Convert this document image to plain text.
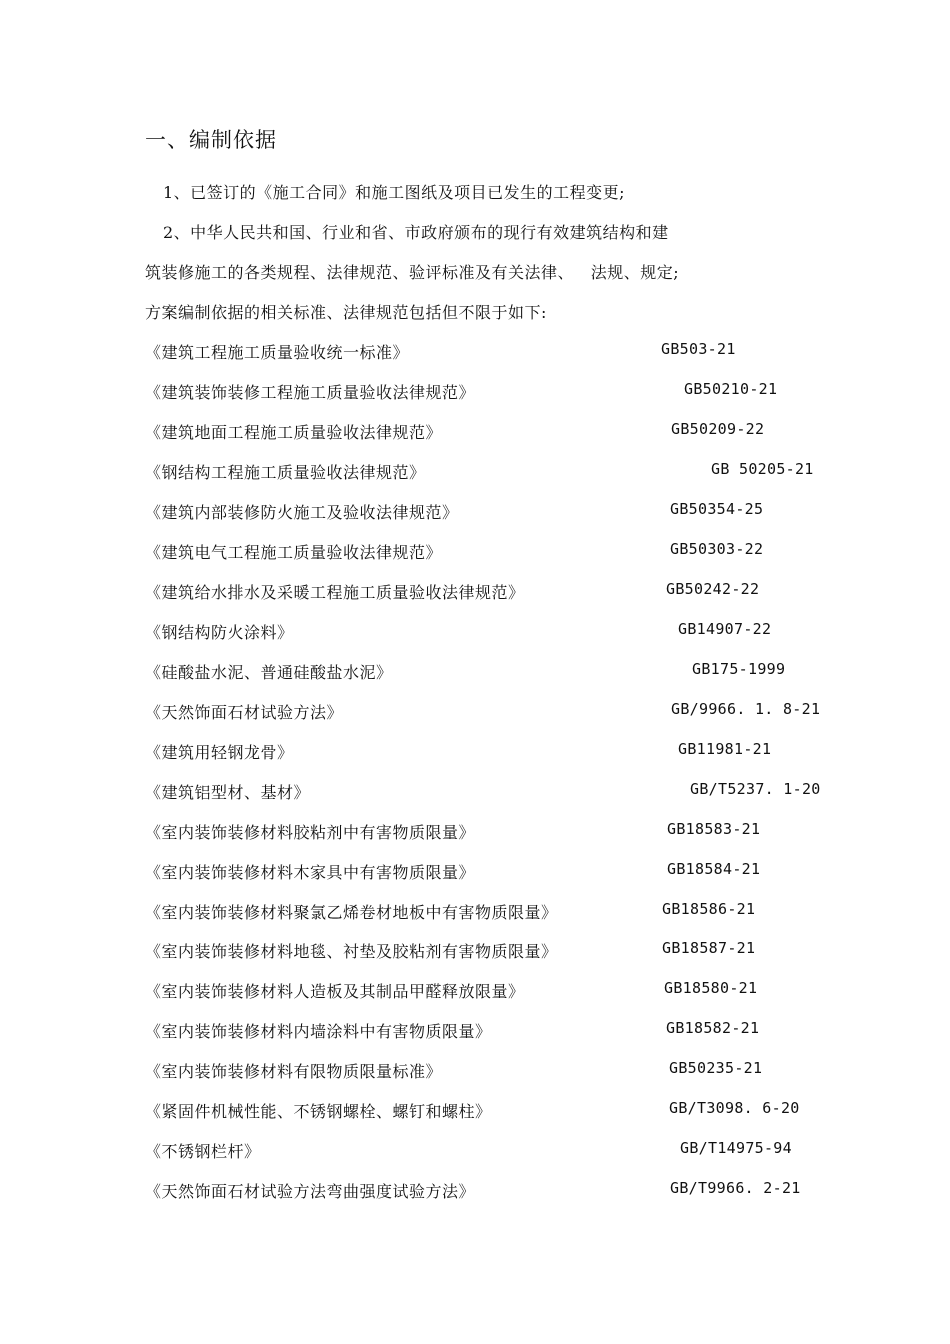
一、编制依据
1、已签订的《施工合同》和施工图纸及项目已发生的工程变更;
2、中华人民共和国、行业和省、市政府颁布的现行有效建筑结构和建
筑装修施工的各类规程、法律规范、验评标准及有关法律、   法规、规定;
方案编制依据的相关标准、法律规范包括但不限于如下:
《建筑工程施工质量验收统一标准》	GB503-21
《建筑装饰装修工程施工质量验收法律规范》	GB50210-21
《建筑地面工程施工质量验收法律规范》	GB50209-22
《钢结构工程施工质量验收法律规范》	GB 50205-21
《建筑内部装修防火施工及验收法律规范》	GB50354-25
《建筑电气工程施工质量验收法律规范》	GB50303-22
《建筑给水排水及采暖工程施工质量验收法律规范》	GB50242-22
《钢结构防火涂料》	GB14907-22
《硅酸盐水泥、普通硅酸盐水泥》	GB175-1999
《天然饰面石材试验方法》	GB/9966. 1. 8-21
《建筑用轻钢龙骨》	GB11981-21
《建筑铝型材、基材》	GB/T5237. 1-20
《室内装饰装修材料胶粘剂中有害物质限量》	GB18583-21
《室内装饰装修材料木家具中有害物质限量》	GB18584-21
《室内装饰装修材料聚氯乙烯卷材地板中有害物质限量》	GB18586-21
《室内装饰装修材料地毯、衬垫及胶粘剂有害物质限量》	GB18587-21
《室内装饰装修材料人造板及其制品甲醛释放限量》	GB18580-21
《室内装饰装修材料内墙涂料中有害物质限量》	GB18582-21
《室内装饰装修材料有限物质限量标准》	GB50235-21
《紧固件机械性能、不锈钢螺栓、螺钉和螺柱》	GB/T3098. 6-20
《不锈钢栏杆》	GB/T14975-94
《天然饰面石材试验方法弯曲强度试验方法》	GB/T9966. 2-21
